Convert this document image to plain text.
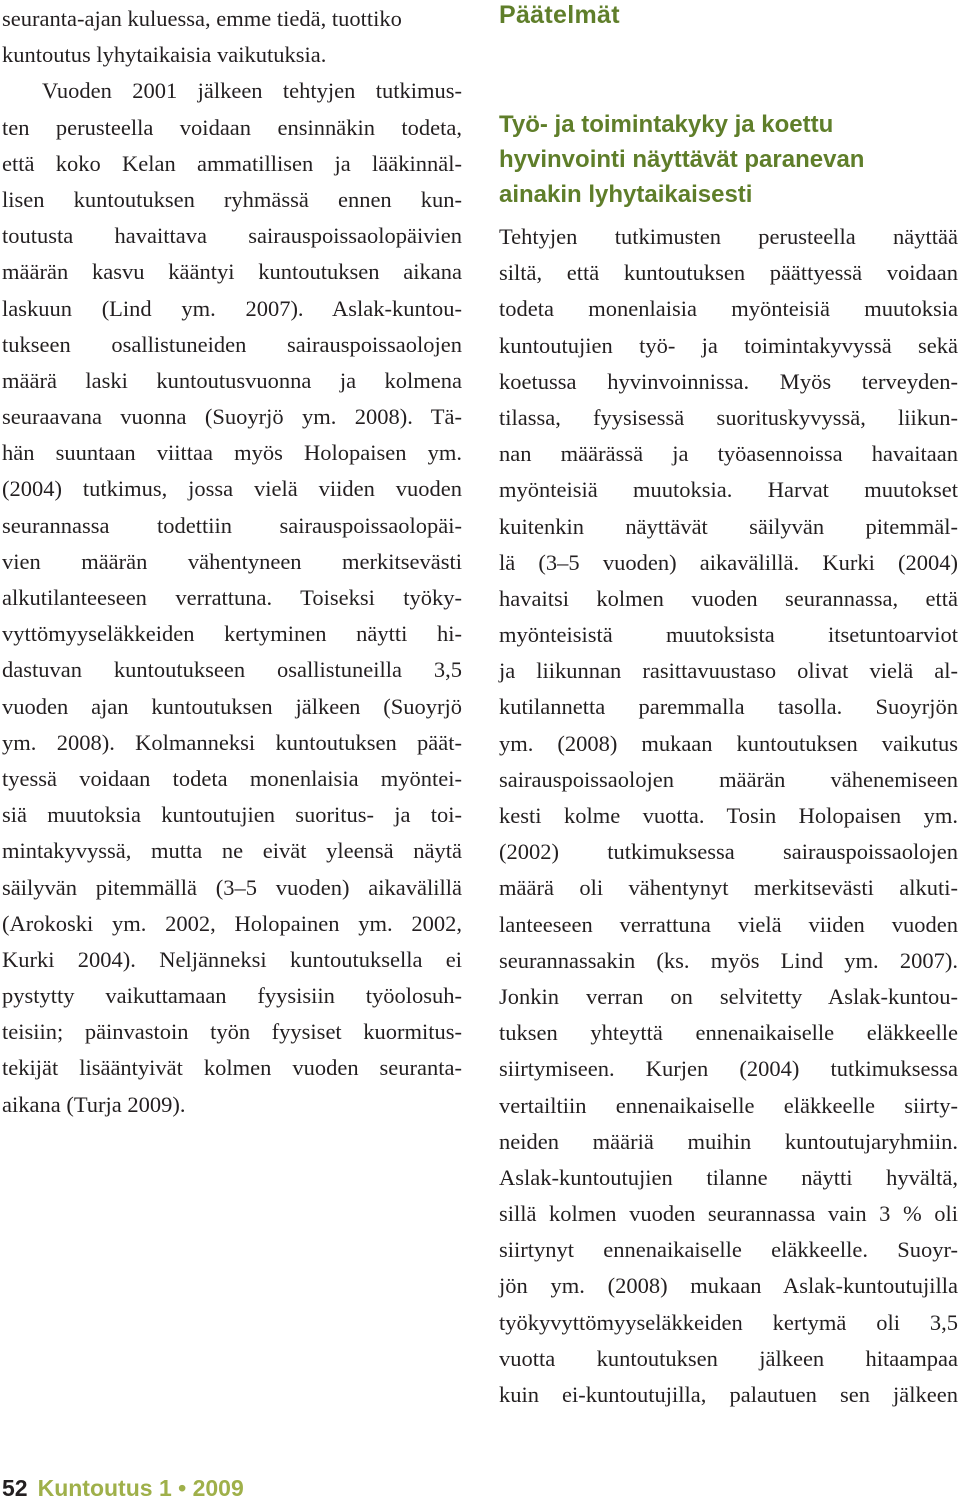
seuranta-ajan kuluessa, emme tiedä, tuottiko
kuntoutus lyhytaikaisia vaikutuksia.
Vuoden 2001 jälkeen tehtyjen tutkimus-
ten perusteella voidaan ensinnäkin todeta,
että koko Kelan ammatillisen ja lääkinnäl-
lisen kuntoutuksen ryhmässä ennen kun-
toutusta havaittava sairauspoissaolopäivien
määrän kasvu kääntyi kuntoutuksen aikana
laskuun (Lind ym. 2007). Aslak-kuntou-
tukseen osallistuneiden sairauspoissaolojen
määrä laski kuntoutusvuonna ja kolmena
seuraavana vuonna (Suoyrjö ym. 2008). Tä-
hän suuntaan viittaa myös Holopaisen ym.
(2004) tutkimus, jossa vielä viiden vuoden
seurannassa todettiin sairauspoissaolopäi-
vien määrän vähentyneen merkitsevästi
alkutilanteeseen verrattuna. Toiseksi työky-
vyttömyyseläkkeiden kertyminen näytti hi-
dastuvan kuntoutukseen osallistuneilla 3,5
vuoden ajan kuntoutuksen jälkeen (Suoyrjö
ym. 2008). Kolmanneksi kuntoutuksen päät-
tyessä voidaan todeta monenlaisia myöntei-
siä muutoksia kuntoutujien suoritus- ja toi-
mintakyvyssä, mutta ne eivät yleensä näytä
säilyvän pitemmällä (3–5 vuoden) aikavälillä
(Arokoski ym. 2002, Holopainen ym. 2002,
Kurki 2004). Neljänneksi kuntoutuksella ei
pystytty vaikuttamaan fyysisiin työolosuh-
teisiin; päinvastoin työn fyysiset kuormitus-
tekijät lisääntyivät kolmen vuoden seuranta-
aikana (Turja 2009).
Päätelmät
Työ- ja toimintakyky ja koettu
hyvinvointi näyttävät paranevan
ainakin lyhytaikaisesti
Tehtyjen tutkimusten perusteella näyttää
siltä, että kuntoutuksen päättyessä voidaan
todeta monenlaisia myönteisiä muutoksia
kuntoutujien työ- ja toimintakyvyssä sekä
koetussa hyvinvoinnissa. Myös terveyden-
tilassa, fyysisessä suorituskyvyssä, liikun-
nan määrässä ja työasennoissa havaitaan
myönteisiä muutoksia. Harvat muutokset
kuitenkin näyttävät säilyvän pitemmäl-
lä (3–5 vuoden) aikavälillä. Kurki (2004)
havaitsi kolmen vuoden seurannassa, että
myönteisistä muutoksista itsetuntoarviot
ja liikunnan rasittavuustaso olivat vielä al-
kutilannetta paremmalla tasolla. Suoyrjön
ym. (2008) mukaan kuntoutuksen vaikutus
sairauspoissaolojen määrän vähenemiseen
kesti kolme vuotta. Tosin Holopaisen ym.
(2002) tutkimuksessa sairauspoissaolojen
määrä oli vähentynyt merkitsevästi alkuti-
lanteeseen verrattuna vielä viiden vuoden
seurannassakin (ks. myös Lind ym. 2007).
Jonkin verran on selvitetty Aslak-kuntou-
tuksen yhteyttä ennenaikaiselle eläkkeelle
siirtymiseen. Kurjen (2004) tutkimuksessa
vertailtiin ennenaikaiselle eläkkeelle siirty-
neiden määriä muihin kuntoutujaryhmiin.
Aslak-kuntoutujien tilanne näytti hyvältä,
sillä kolmen vuoden seurannassa vain 3 % oli
siirtynyt ennenaikaiselle eläkkeelle. Suoyr-
jön ym. (2008) mukaan Aslak-kuntoutujilla
työkyvyttömyyseläkkeiden kertymä oli 3,5
vuotta kuntoutuksen jälkeen hitaampaa
kuin ei-kuntoutujilla, palautuen sen jälkeen
52 Kuntoutus 1 • 2009
